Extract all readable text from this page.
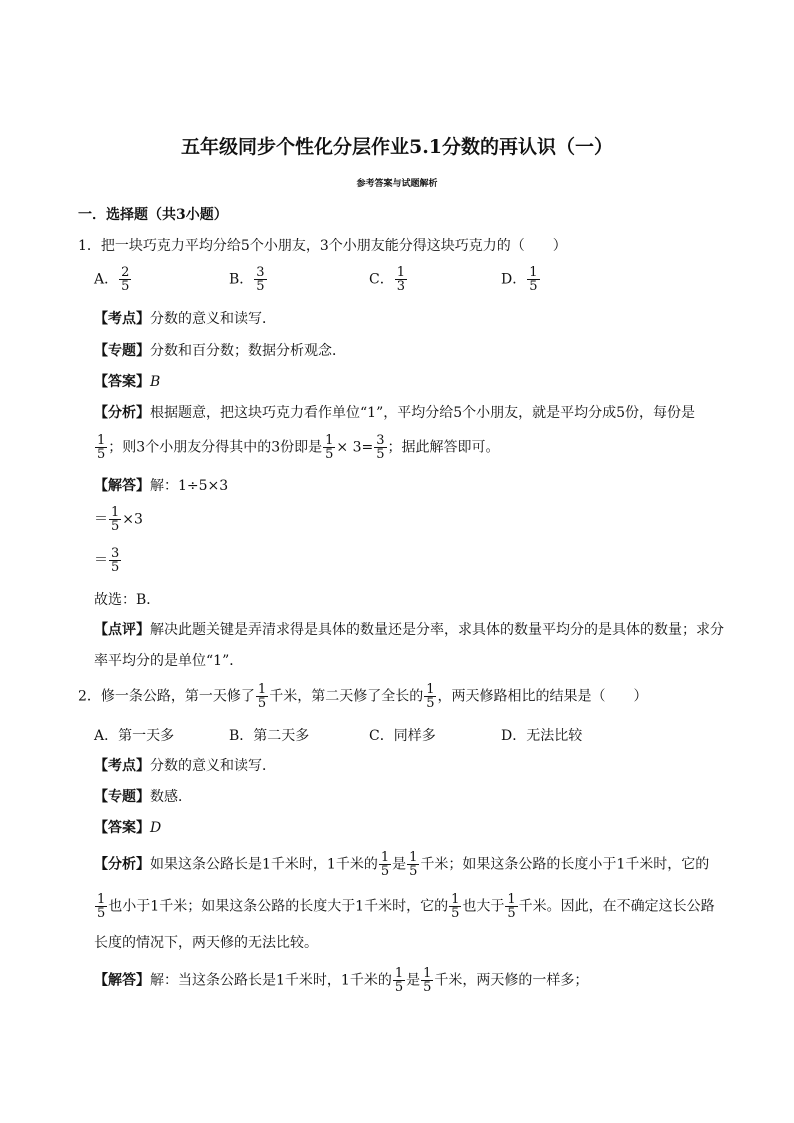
五年级同步个性化分层作业5.1分数的再认识（一）
参考答案与试题解析
一．选择题（共3小题）
1．把一块巧克力平均分给5个小朋友，3个小朋友能分得这块巧克力的（　　）
A． $\frac{2}{5}$	B． $\frac{3}{5}$	C． $\frac{1}{3}$	D． $\frac{1}{5}$
【考点】分数的意义和读写．
【专题】分数和百分数；数据分析观念．
【答案】B
【分析】根据题意，把这块巧克力看作单位“1”，平均分给5个小朋友，就是平均分成5份，每份是
$\frac{1}{5}$ ；则3个小朋友分得其中的3份即是 $\frac{1}{5} \times 3= \frac{3}{5}$ ；据此解答即可。
【解答】解：1÷5×3
＝ $\frac{1}{5} \times 3$
＝ $\frac{3}{5}$
故选：B．
【点评】解决此题关键是弄清求得是具体的数量还是分率，求具体的数量平均分的是具体的数量；求分
率平均分的是单位“1”．
2．修一条公路，第一天修了 $\frac{1}{5}$ 千米，第二天修了全长的 $\frac{1}{5}$ ，两天修路相比的结果是（　　）
A．第一天多	B．第二天多	C．同样多	D．无法比较
【考点】分数的意义和读写．
【专题】数感．
【答案】D
【分析】如果这条公路长是1千米时，1千米的 $\frac{1}{5}$ 是 $\frac{1}{5}$ 千米；如果这条公路的长度小于1千米时，它的
$\frac{1}{5}$ 也小于1千米；如果这条公路的长度大于1千米时，它的 $\frac{1}{5}$ 也大于 $\frac{1}{5}$ 千米。因此，在不确定这长公路
长度的情况下，两天修的无法比较。
【解答】解：当这条公路长是1千米时，1千米的 $\frac{1}{5}$ 是 $\frac{1}{5}$ 千米，两天修的一样多；
